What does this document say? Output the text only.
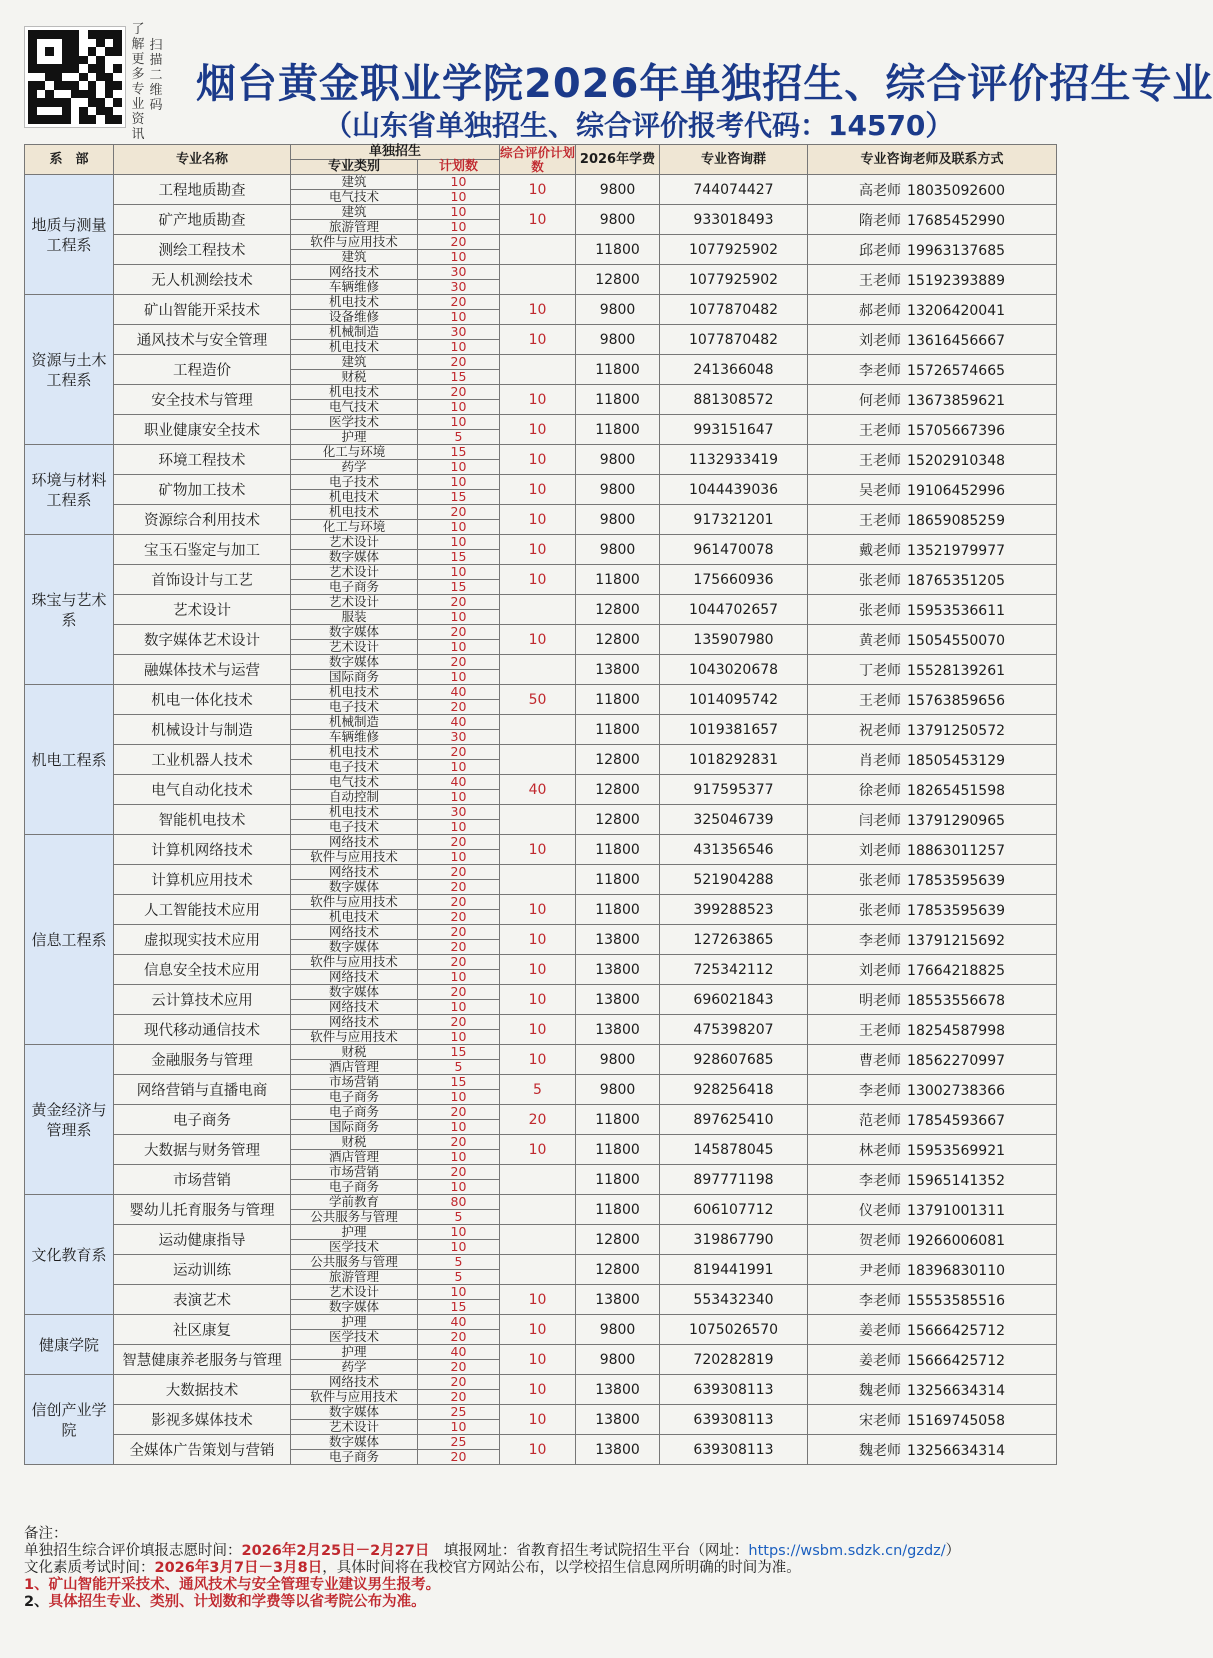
了解更多专业资讯
扫描二维码 烟台黄金职业学院2026年单独招生、综合评价招生专业
（山东省单独招生、综合评价报考代码：14570）
系　部	专业名称	单独招生		综合评价计划数	2026年学费	专业咨询群	专业咨询老师及联系方式
		专业类别	计划数				
地质与测量工程系	工程地质勘查	建筑	10	10	9800	744074427	高老师 18035092600
		电气技术	10				
	矿产地质勘查	建筑	10	10	9800	933018493	隋老师 17685452990
		旅游管理	10				
	测绘工程技术	软件与应用技术	20		11800	1077925902	邱老师 19963137685
		建筑	10				
	无人机测绘技术	网络技术	30		12800	1077925902	王老师 15192393889
		车辆维修	30				
资源与土木工程系	矿山智能开采技术	机电技术	20	10	9800	1077870482	郝老师 13206420041
		设备维修	10				
	通风技术与安全管理	机械制造	30	10	9800	1077870482	刘老师 13616456667
		机电技术	10				
	工程造价	建筑	20		11800	241366048	李老师 15726574665
		财税	15				
	安全技术与管理	机电技术	20	10	11800	881308572	何老师 13673859621
		电气技术	10				
	职业健康安全技术	医学技术	10	10	11800	993151647	王老师 15705667396
		护理	5				
环境与材料工程系	环境工程技术	化工与环境	15	10	9800	1132933419	王老师 15202910348
		药学	10				
	矿物加工技术	电子技术	10	10	9800	1044439036	吴老师 19106452996
		机电技术	15				
	资源综合利用技术	机电技术	20	10	9800	917321201	王老师 18659085259
		化工与环境	10				
珠宝与艺术系	宝玉石鉴定与加工	艺术设计	10	10	9800	961470078	戴老师 13521979977
		数字媒体	15				
	首饰设计与工艺	艺术设计	10	10	11800	175660936	张老师 18765351205
		电子商务	15				
	艺术设计	艺术设计	20		12800	1044702657	张老师 15953536611
		服装	10				
	数字媒体艺术设计	数字媒体	20	10	12800	135907980	黄老师 15054550070
		艺术设计	10				
	融媒体技术与运营	数字媒体	20		13800	1043020678	丁老师 15528139261
		国际商务	10				
机电工程系	机电一体化技术	机电技术	40	50	11800	1014095742	王老师 15763859656
		电子技术	20				
	机械设计与制造	机械制造	40		11800	1019381657	祝老师 13791250572
		车辆维修	30				
	工业机器人技术	机电技术	20		12800	1018292831	肖老师 18505453129
		电子技术	10				
	电气自动化技术	电气技术	40	40	12800	917595377	徐老师 18265451598
		自动控制	10				
	智能机电技术	机电技术	30		12800	325046739	闫老师 13791290965
		电子技术	10				
信息工程系	计算机网络技术	网络技术	20	10	11800	431356546	刘老师 18863011257
		软件与应用技术	10				
	计算机应用技术	网络技术	20		11800	521904288	张老师 17853595639
		数字媒体	20				
	人工智能技术应用	软件与应用技术	20	10	11800	399288523	张老师 17853595639
		机电技术	20				
	虚拟现实技术应用	网络技术	20	10	13800	127263865	李老师 13791215692
		数字媒体	20				
	信息安全技术应用	软件与应用技术	20	10	13800	725342112	刘老师 17664218825
		网络技术	10				
	云计算技术应用	数字媒体	20	10	13800	696021843	明老师 18553556678
		网络技术	10				
	现代移动通信技术	网络技术	20	10	13800	475398207	王老师 18254587998
		软件与应用技术	10				
黄金经济与管理系	金融服务与管理	财税	15	10	9800	928607685	曹老师 18562270997
		酒店管理	5				
	网络营销与直播电商	市场营销	15	5	9800	928256418	李老师 13002738366
		电子商务	10				
	电子商务	电子商务	20	20	11800	897625410	范老师 17854593667
		国际商务	10				
	大数据与财务管理	财税	20	10	11800	145878045	林老师 15953569921
		酒店管理	10				
	市场营销	市场营销	20		11800	897771198	李老师 15965141352
		电子商务	10				
文化教育系	婴幼儿托育服务与管理	学前教育	80		11800	606107712	仪老师 13791001311
		公共服务与管理	5				
	运动健康指导	护理	10		12800	319867790	贺老师 19266006081
		医学技术	10				
	运动训练	公共服务与管理	5		12800	819441991	尹老师 18396830110
		旅游管理	5				
	表演艺术	艺术设计	10	10	13800	553432340	李老师 15553585516
		数字媒体	15				
健康学院	社区康复	护理	40	10	9800	1075026570	姜老师 15666425712
		医学技术	20				
	智慧健康养老服务与管理	护理	40	10	9800	720282819	姜老师 15666425712
		药学	20				
信创产业学院	大数据技术	网络技术	20	10	13800	639308113	魏老师 13256634314
		软件与应用技术	20				
	影视多媒体技术	数字媒体	25	10	13800	639308113	宋老师 15169745058
		艺术设计	10				
	全媒体广告策划与营销	数字媒体	25	10	13800	639308113	魏老师 13256634314
		电子商务	20				
备注：
单独招生综合评价填报志愿时间：2026年2月25日－2月27日　填报网址：省教育招生考试院招生平台（网址：https://wsbm.sdzk.cn/gzdz/）
文化素质考试时间：2026年3月7日－3月8日，具体时间将在我校官方网站公布，以学校招生信息网所明确的时间为准。
1、矿山智能开采技术、通风技术与安全管理专业建议男生报考。
2、具体招生专业、类别、计划数和学费等以省考院公布为准。
